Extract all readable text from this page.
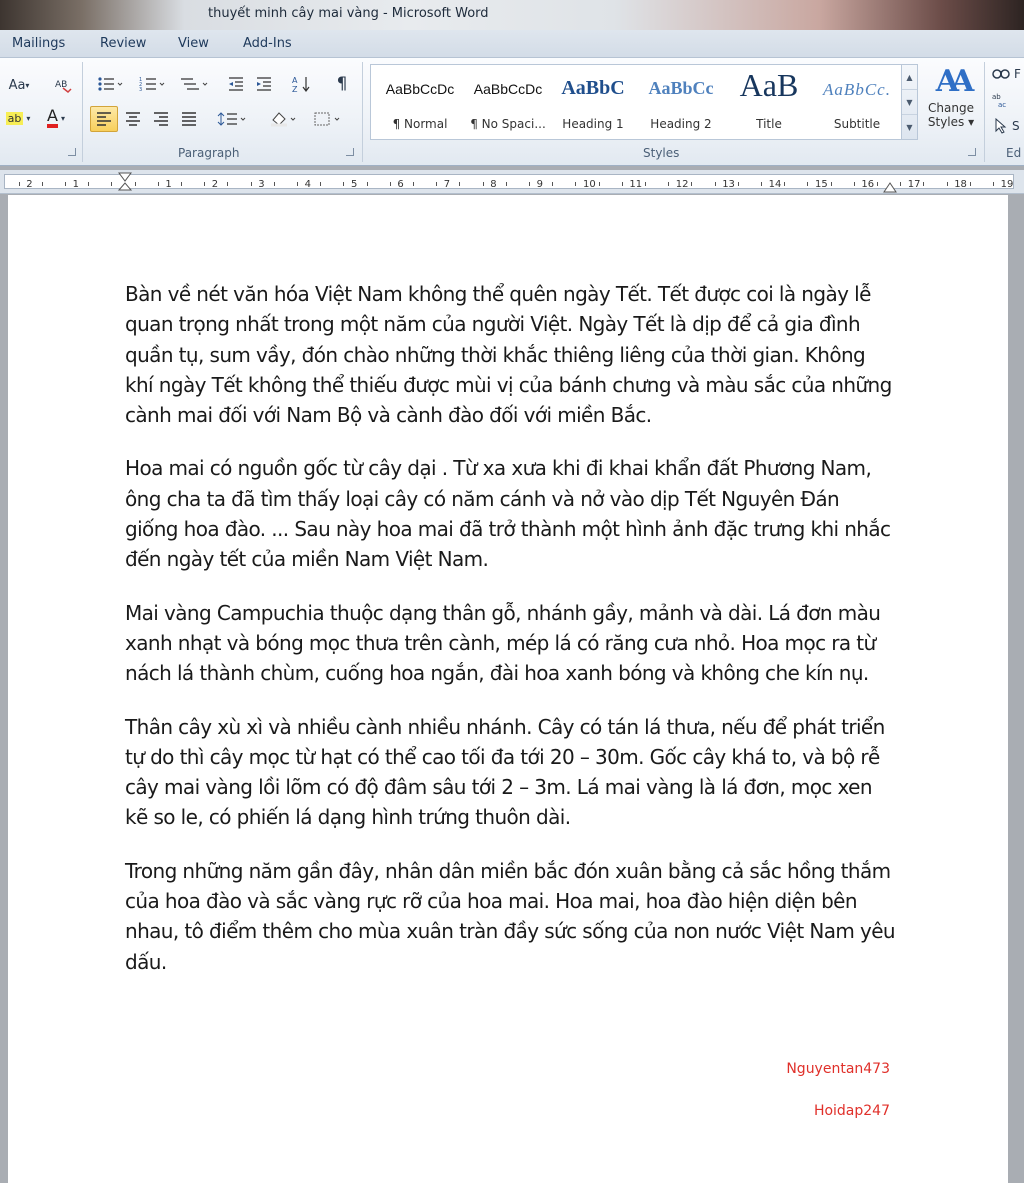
thuyết minh cây mai vàng - Microsoft Word
Mailings	Review View	Add-Ins
Aa ▾	AB
ab ▾ A ▾
1
2
3
A
Z	¶
Paragraph	Styles
AA
Change
Styles ▾
F
ab
ac
S
Ed
AaBbCcDc
¶ Normal
AaBbCcDc
¶ No Spaci...
AaBbC
Heading 1
AaBbCc
Heading 2
AaB
Title
AaBbCc.
Subtitle
▲
▼
▼
2	1	1	2	3	4	5	6	7	8	9	10	11	12	13	14	15	16	17	18	19

Bàn về nét văn hóa Việt Nam không thể quên ngày Tết. Tết được coi là ngày lễ quan trọng nhất trong một năm của người Việt. Ngày Tết là dịp để cả gia đình quần tụ, sum vầy, đón chào những thời khắc thiêng liêng của thời gian. Không khí ngày Tết không thể thiếu được mùi vị của bánh chưng và màu sắc của những cành mai đối với Nam Bộ và cành đào đối với miền Bắc.

Hoa mai có nguồn gốc từ cây dại . Từ xa xưa khi đi khai khẩn đất Phương Nam, ông cha ta đã tìm thấy loại cây có năm cánh và nở vào dịp Tết Nguyên Đán giống hoa đào. ... Sau này hoa mai đã trở thành một hình ảnh đặc trưng khi nhắc đến ngày tết của miền Nam Việt Nam.

Mai vàng Campuchia thuộc dạng thân gỗ, nhánh gầy, mảnh và dài. Lá đơn màu xanh nhạt và bóng mọc thưa trên cành, mép lá có răng cưa nhỏ. Hoa mọc ra từ nách lá thành chùm, cuống hoa ngắn, đài hoa xanh bóng và không che kín nụ.

Thân cây xù xì và nhiều cành nhiều nhánh. Cây có tán lá thưa, nếu để phát triển tự do thì cây mọc từ hạt có thể cao tối đa tới 20 – 30m. Gốc cây khá to, và bộ rễ cây mai vàng lồi lõm có độ đâm sâu tới 2 – 3m. Lá mai vàng là lá đơn, mọc xen kẽ so le, có phiến lá dạng hình trứng thuôn dài.

Trong những năm gần đây, nhân dân miền bắc đón xuân bằng cả sắc hồng thắm của hoa đào và sắc vàng rực rỡ của hoa mai. Hoa mai, hoa đào hiện diện bên nhau, tô điểm thêm cho mùa xuân tràn đầy sức sống của non nước Việt Nam yêu dấu.

Nguyentan473
Hoidap247
